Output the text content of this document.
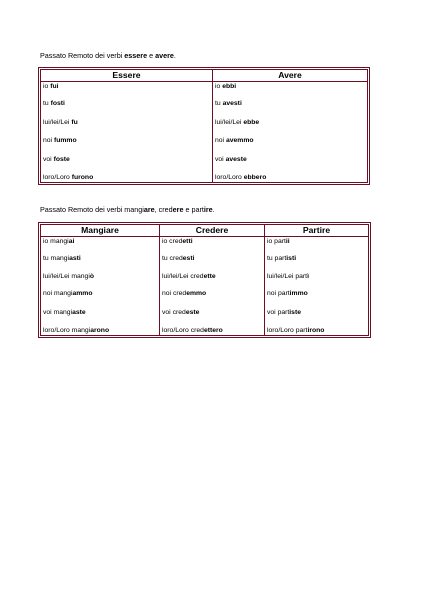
Passato Remoto dei verbi essere e avere.
Essere	Avere
io fui	io ebbi
tu fosti	tu avesti
lui/lei/Lei fu	lui/lei/Lei ebbe
noi fummo	noi avemmo
voi foste	voi aveste
loro/Loro furono	loro/Loro ebbero
Passato Remoto dei verbi mangiare, credere e partire.
Mangiare	Credere	Partire
io mangiai	io credetti	io partii
tu mangiasti	tu credesti	tu partisti
lui/lei/Lei mangiò	lui/lei/Lei credette	lui/lei/Lei partì
noi mangiammo	noi credemmo	noi partimmo
voi mangiaste	voi credeste	voi partiste
loro/Loro mangiarono	loro/Loro credettero	loro/Loro partirono
